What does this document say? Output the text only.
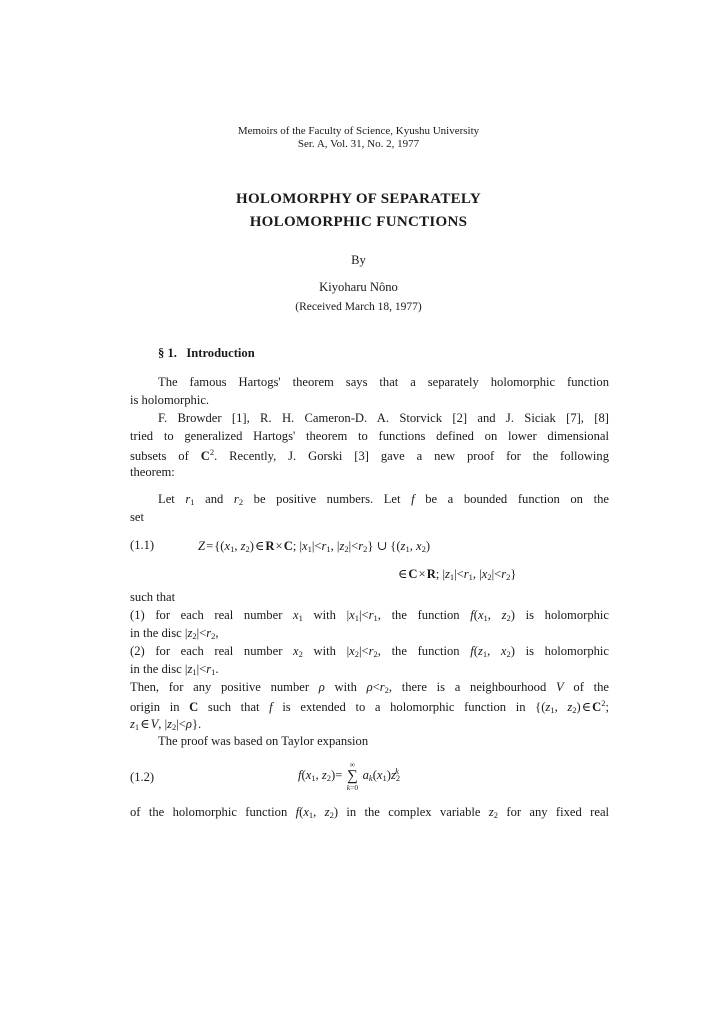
Memoirs of the Faculty of Science, Kyushu University
Ser. A, Vol. 31, No. 2, 1977
HOLOMORPHY OF SEPARATELY
HOLOMORPHIC FUNCTIONS
By
Kiyoharu Nôno
(Received March 18, 1977)
§ 1. Introduction
The famous Hartogs' theorem says that a separately holomorphic function
is holomorphic.
F. Browder [1], R. H. Cameron-D. A. Storvick [2] and J. Siciak [7], [8]
tried to generalized Hartogs' theorem to functions defined on lower dimensional
subsets of $C^2$. Recently, J. Gorski [3] gave a new proof for the following
theorem:
Let $r_1$ and $r_2$ be positive numbers. Let f be a bounded function on the
set
(1.1)	Z = {($x_1$, $z_2$) ∈ R × C; $|x_1|<r_1$, $|z_2|<r_2$} ∪ {($z_1$, $x_2$)
∈ C × R; $|z_1|<r_1$, $|x_2|<r_2$}
such that
(1) for each real number $x_1$ with $|x_1|<r_1$, the function $f(x_1$, $z_2$) is holomorphic
in the disc $|z_2|<r_2$,
(2) for each real number $x_2$ with $|x_2|<r_2$, the function $f(z_1$, $x_2$) is holomorphic
in the disc $|z_1|<r_1$.
Then, for any positive number ρ with $\rho<r_2$, there is a neighbourhood V of the
origin in C such that f is extended to a holomorphic function in {($z_1$, $z_2$) ∈ $C^2$;
$z_1$ ∈ V, $|z_2|<\rho$}.
The proof was based on Taylor expansion
(1.2)	$f(x_1$, $z_2)=$
∞
∑
k=0
$a_k(x_1)z_2^k$
of the holomorphic function $f(x_1$, $z_2$) in the complex variable $z_2$ for any fixed real
